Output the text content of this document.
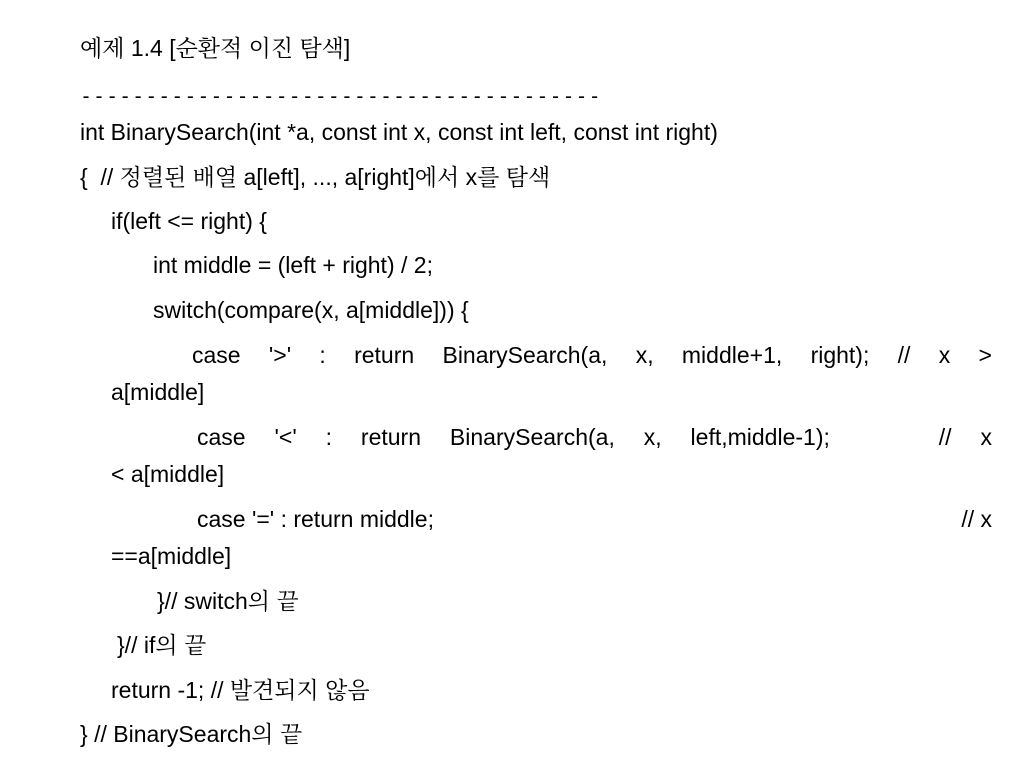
예제 1.4 [순환적 이진 탐색]
----------------------------------------
int BinarySearch(int *a, const int x, const int left, const int right)
{  // 정렬된 배열 a[left], ..., a[right]에서 x를 탐색
if(left <= right) {
int middle = (left + right) / 2;
switch(compare(x, a[middle])) {
case '>' : return BinarySearch(a, x, middle+1, right); // x >
a[middle]
case '<' : return BinarySearch(a, x, left,middle-1);	// x
< a[middle]
case '=' : return middle;	// x
==a[middle]
}// switch의 끝
}// if의 끝
return -1; // 발견되지 않음
} // BinarySearch의 끝
